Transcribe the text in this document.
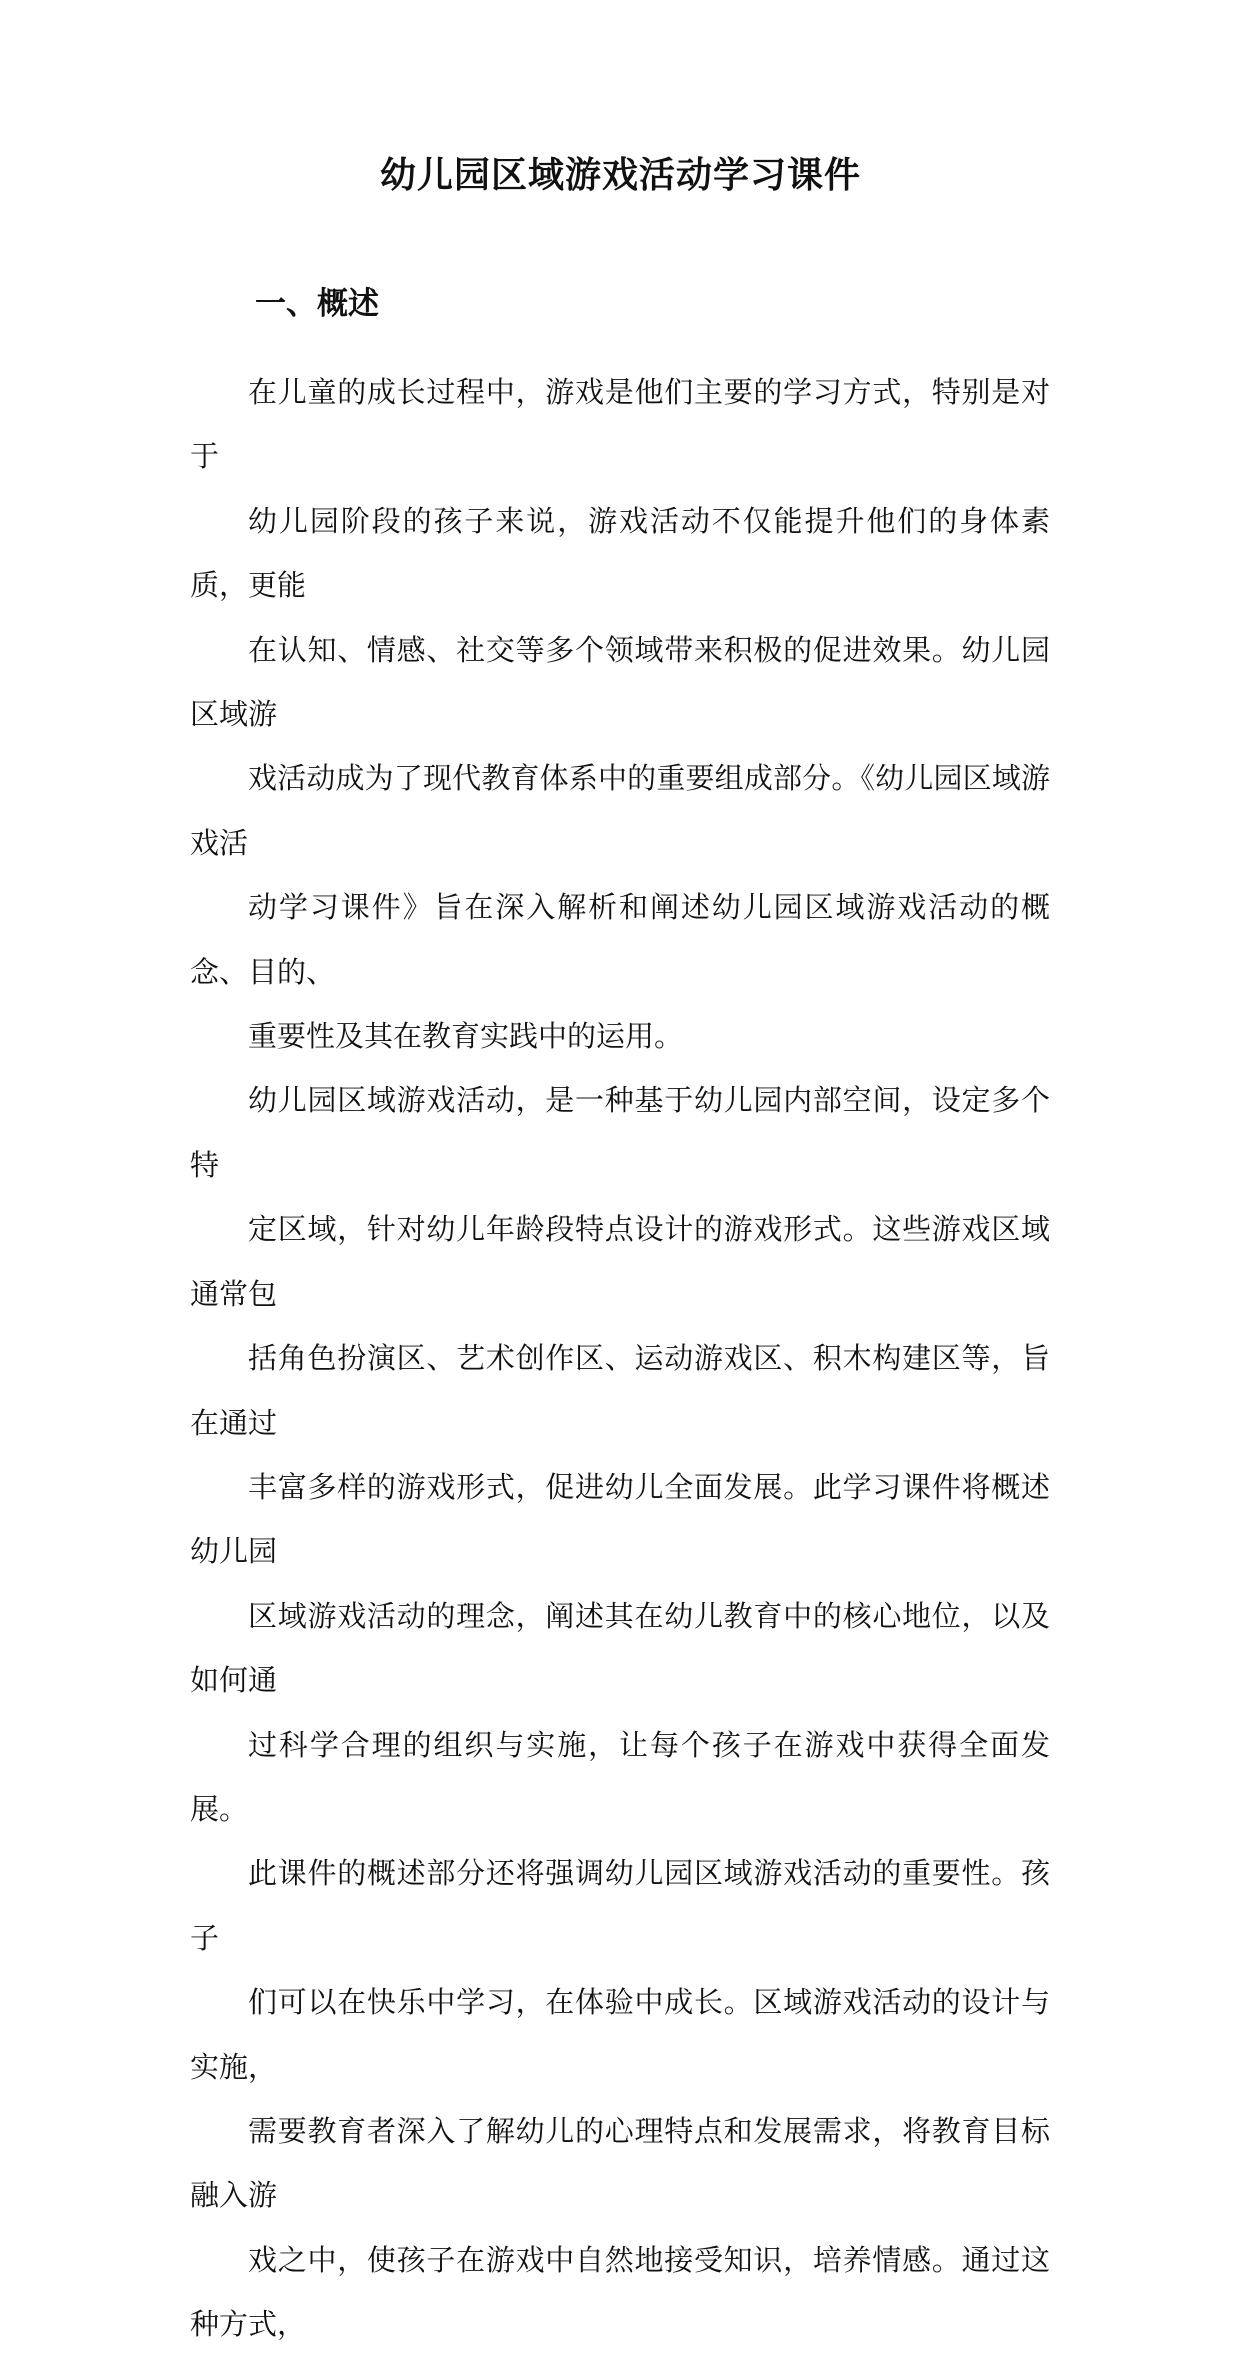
幼儿园区域游戏活动学习课件
一、概述

在儿童的成长过程中，游戏是他们主要的学习方式，特别是对于
幼儿园阶段的孩子来说，游戏活动不仅能提升他们的身体素质，更能
在认知、情感、社交等多个领域带来积极的促进效果。幼儿园区域游
戏活动成为了现代教育体系中的重要组成部分。《幼儿园区域游戏活
动学习课件》旨在深入解析和阐述幼儿园区域游戏活动的概念、目的、
重要性及其在教育实践中的运用。

幼儿园区域游戏活动，是一种基于幼儿园内部空间，设定多个特
定区域，针对幼儿年龄段特点设计的游戏形式。这些游戏区域通常包
括角色扮演区、艺术创作区、运动游戏区、积木构建区等，旨在通过
丰富多样的游戏形式，促进幼儿全面发展。此学习课件将概述幼儿园
区域游戏活动的理念，阐述其在幼儿教育中的核心地位，以及如何通
过科学合理的组织与实施，让每个孩子在游戏中获得全面发展。

此课件的概述部分还将强调幼儿园区域游戏活动的重要性。孩子
们可以在快乐中学习，在体验中成长。区域游戏活动的设计与实施，
需要教育者深入了解幼儿的心理特点和发展需求，将教育目标融入游
戏之中，使孩子在游戏中自然地接受知识，培养情感。通过这种方式，
